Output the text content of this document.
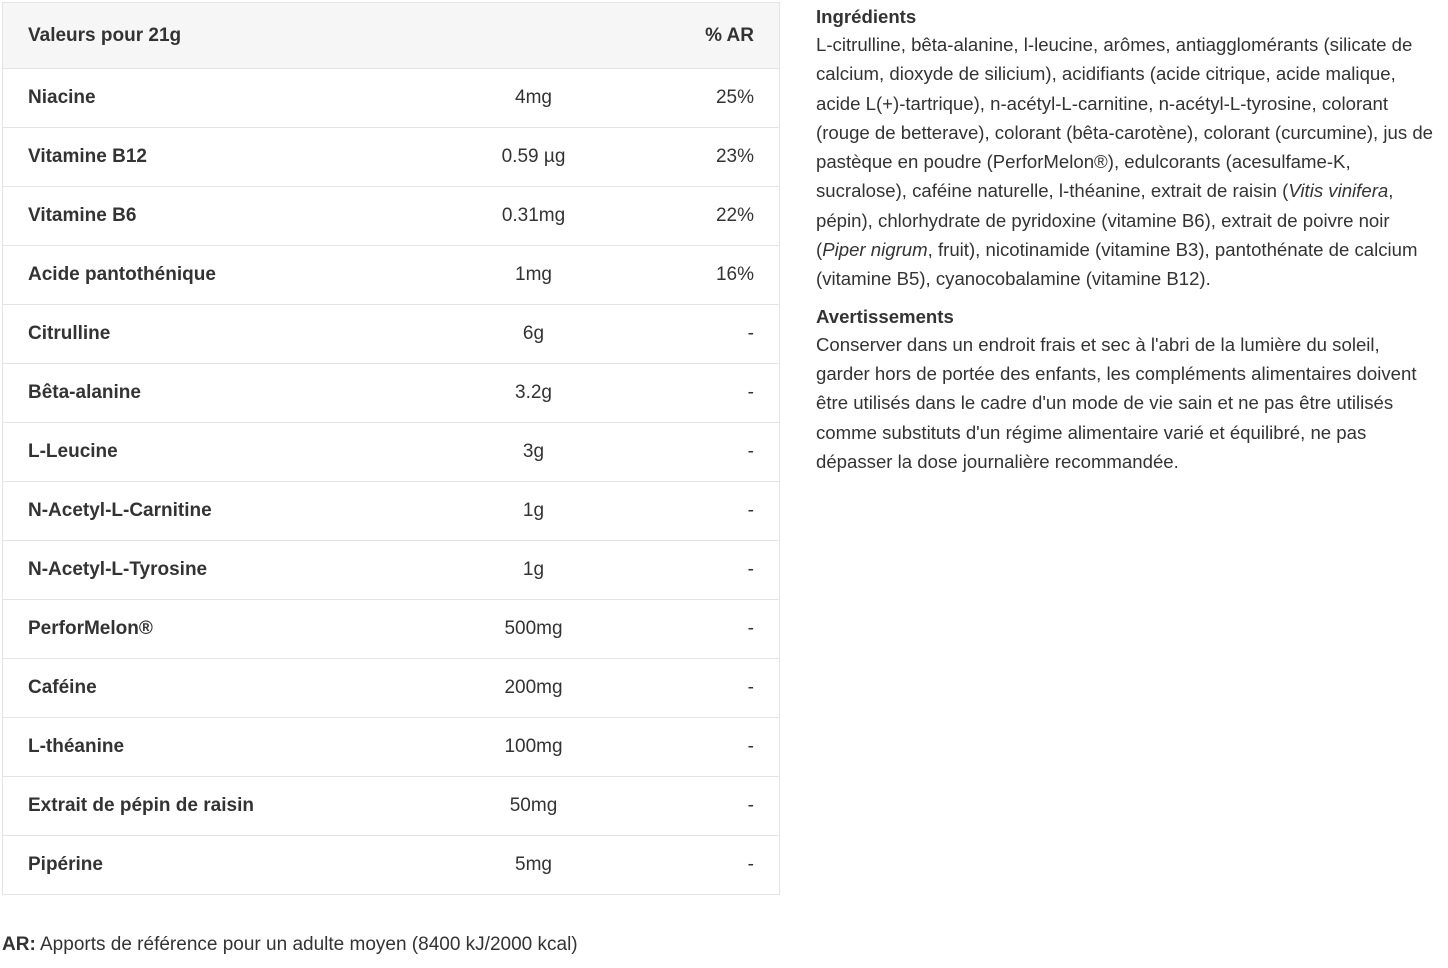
Valeurs pour 21g		% AR
Niacine	4mg	25%
Vitamine B12	0.59 µg	23%
Vitamine B6	0.31mg	22%
Acide pantothénique	1mg	16%
Citrulline	6g	-
Bêta-alanine	3.2g	-
L-Leucine	3g	-
N-Acetyl-L-Carnitine	1g	-
N-Acetyl-L-Tyrosine	1g	-
PerforMelon®	500mg	-
Caféine	200mg	-
L-théanine	100mg	-
Extrait de pépin de raisin	50mg	-
Pipérine	5mg	-
AR: Apports de référence pour un adulte moyen (8400 kJ/2000 kcal)
Ingrédients

L-citrulline, bêta-alanine, l-leucine, arômes, antiagglomérants (silicate de calcium, dioxyde de silicium), acidifiants (acide citrique, acide malique, acide L(+)-tartrique), n-acétyl-L-carnitine, n-acétyl-L-tyrosine, colorant (rouge de betterave), colorant (bêta-carotène), colorant (curcumine), jus de pastèque en poudre (PerforMelon®), edulcorants (acesulfame-K, sucralose), caféine naturelle, l-théanine, extrait de raisin (Vitis vinifera, pépin), chlorhydrate de pyridoxine (vitamine B6), extrait de poivre noir (Piper nigrum, fruit), nicotinamide (vitamine B3), pantothénate de calcium (vitamine B5), cyanocobalamine (vitamine B12).

Avertissements

Conserver dans un endroit frais et sec à l'abri de la lumière du soleil, garder hors de portée des enfants, les compléments alimentaires doivent être utilisés dans le cadre d'un mode de vie sain et ne pas être utilisés comme substituts d'un régime alimentaire varié et équilibré, ne pas dépasser la dose journalière recommandée.
